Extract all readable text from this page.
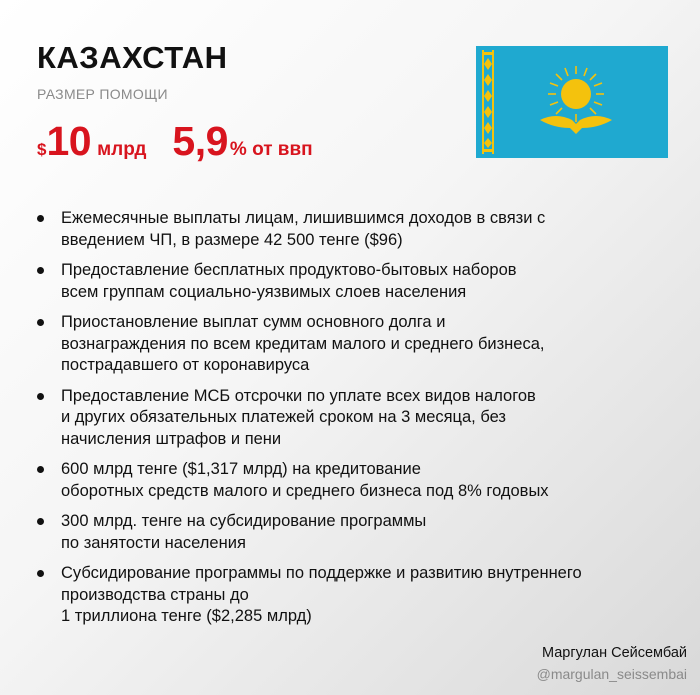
КАЗАХСТАН
РАЗМЕР ПОМОЩИ
$ 10 млрд 5,9 % от ввп
Ежемесячные выплаты лицам, лишившимся доходов в связи с
введением ЧП, в размере 42 500 тенге ($96)
Предоставление бесплатных продуктово-бытовых наборов
всем группам социально-уязвимых слоев населения
Приостановление выплат сумм основного долга и
вознаграждения по всем кредитам малого и среднего бизнеса,
пострадавшего от коронавируса
Предоставление МСБ отсрочки по уплате всех видов налогов
и других обязательных платежей сроком на 3 месяца, без
начисления штрафов и пени
600 млрд тенге ($1,317 млрд) на кредитование
оборотных средств малого и среднего бизнеса под 8% годовых
300 млрд. тенге на субсидирование программы
по занятости населения
Субсидирование программы по поддержке и развитию внутреннего
производства страны до
1 триллиона тенге ($2,285 млрд)
Маргулан Сейсембай
@margulan_seissembai
